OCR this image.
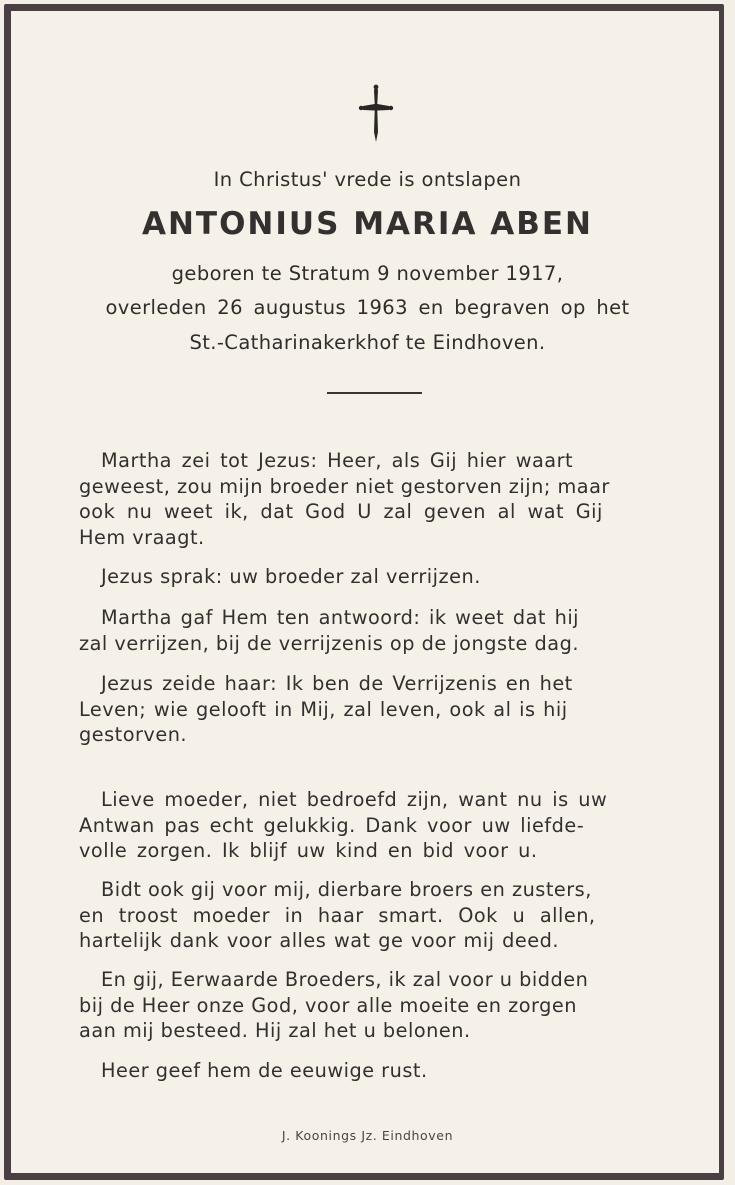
In Christus' vrede is ontslapen
ANTONIUS MARIA ABEN
geboren te Stratum 9 november 1917,
overleden 26 augustus 1963 en begraven op het
St.-Catharinakerkhof te Eindhoven.
Martha zei tot Jezus: Heer, als Gij hier waart
geweest, zou mijn broeder niet gestorven zijn; maar
ook nu weet ik, dat God U zal geven al wat Gij
Hem vraagt.
Jezus sprak: uw broeder zal verrijzen.
Martha gaf Hem ten antwoord: ik weet dat hij
zal verrijzen, bij de verrijzenis op de jongste dag.
Jezus zeide haar: Ik ben de Verrijzenis en het
Leven; wie gelooft in Mij, zal leven, ook al is hij
gestorven.
Lieve moeder, niet bedroefd zijn, want nu is uw
Antwan pas echt gelukkig. Dank voor uw liefde-
volle zorgen. Ik blijf uw kind en bid voor u.
Bidt ook gij voor mij, dierbare broers en zusters,
en troost moeder in haar smart. Ook u allen,
hartelijk dank voor alles wat ge voor mij deed.
En gij, Eerwaarde Broeders, ik zal voor u bidden
bij de Heer onze God, voor alle moeite en zorgen
aan mij besteed. Hij zal het u belonen.
Heer geef hem de eeuwige rust.
J. Koonings Jz. Eindhoven
